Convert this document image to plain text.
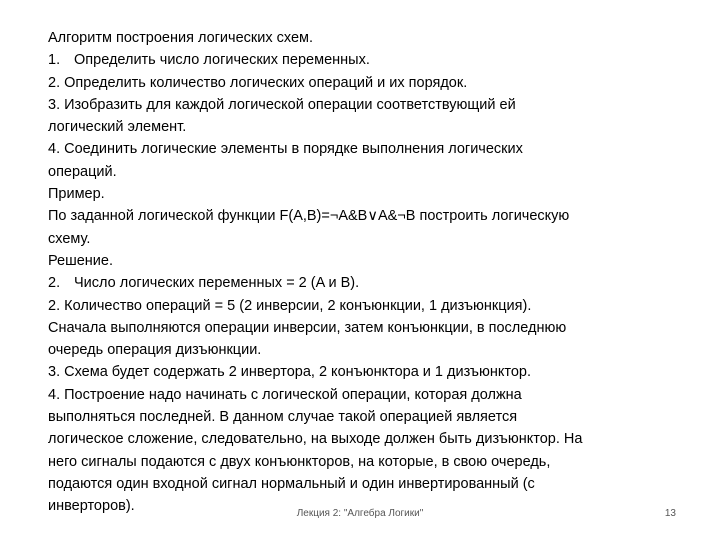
Алгоритм построения логических схем.
1. Определить число логических переменных.
2. Определить количество логических операций и их порядок.
3. Изобразить для каждой логической операции соответствующий ей
логический элемент.
4. Соединить логические элементы в порядке выполнения логических
операций.
Пример.
По заданной логической функции F(A,B)=¬A&B∨A&¬B построить логическую
схему.
Решение.
2. Число логических переменных = 2 (A и B).
2. Количество операций = 5 (2 инверсии, 2 конъюнкции, 1 дизъюнкция).
Сначала выполняются операции инверсии, затем конъюнкции, в последнюю
очередь операция дизъюнкции.
3. Схема будет содержать 2 инвертора, 2 конъюнктора и 1 дизъюнктор.
4. Построение надо начинать с логической операции, которая должна
выполняться последней. В данном случае такой операцией является
логическое сложение, следовательно, на выходе должен быть дизъюнктор. На
него сигналы подаются с двух конъюнкторов, на которые, в свою очередь,
подаются один входной сигнал нормальный и один инвертированный (с
инверторов).	Лекция 2: "Алгебра Логики"	13
